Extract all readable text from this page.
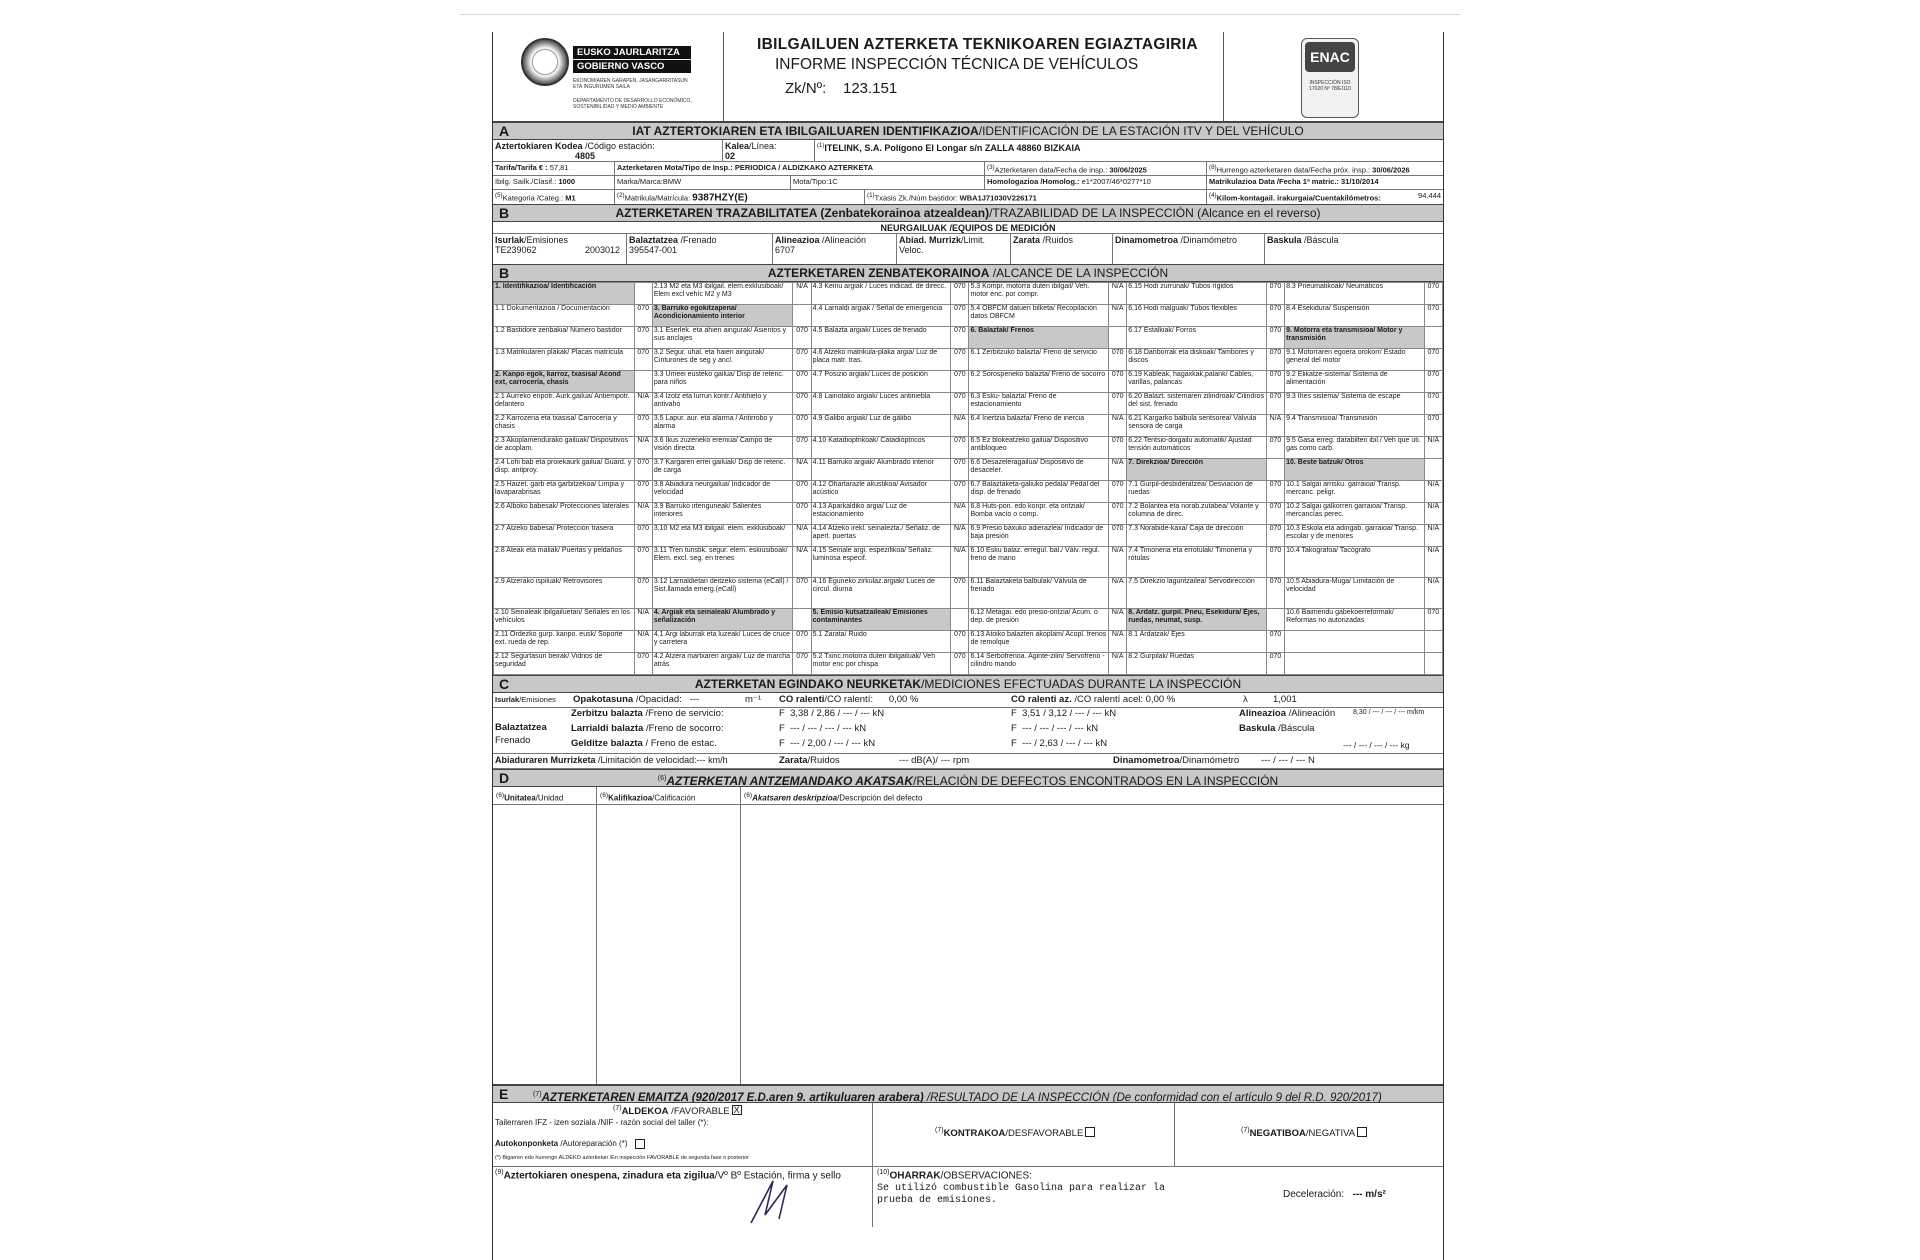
EUSKO JAURLARITZA
GOBIERNO VASCO
EKONOMIAREN GARAPEN, JASANGARRITASUN ETA INGURUMEN SAILA
DEPARTAMENTO DE DESARROLLO ECONÓMICO, SOSTENIBILIDAD Y MEDIO AMBIENTE
IBILGAILUEN AZTERKETA TEKNIKOAREN EGIAZTAGIRIA
INFORME INSPECCIÓN TÉCNICA DE VEHÍCULOS
Zk/Nº: 123.151
ENAC
INSPECCIÓN ISO 17020 Nº 78/EI110
A	IAT AZTERTOKIAREN ETA IBILGAILUAREN IDENTIFIKAZIOA/IDENTIFICACIÓN DE LA ESTACIÓN ITV Y DEL VEHÍCULO
Aztertokiaren Kodea /Código estación:
4805
Kalea/Línea:
02
$^{(1)}$ITELINK, S.A. Polígono El Longar s/n ZALLA 48860 BIZKAIA
Tarifa/Tarifa € : 57,81	Azterketaren Mota/Tipo de Insp.: PERIODICA / ALDIZKAKO AZTERKETA	$^{(3)}$Azterketaren data/Fecha de insp.: 30/06/2025	$^{(8)}$Hurrengo azterketaren data/Fecha próx. insp.: 30/06/2026
Ibilg. Sailk./Clasif.: 1000	Marka/Marca:BMW	Mota/Tipo:1C	Homologazioa /Homolog.: e1*2007/46*0277*10	Matrikulazioa Data /Fecha 1ª matric.: 31/10/2014
$^{(5)}$Kategoria /Categ.: M1	$^{(2)}$Matrikula/Matrícula: 9387HZY(E)	$^{(1)}$Txasis Zk./Núm bastidor: WBA1J71030V226171	$^{(4)}$Kilom-kontagail. irakurgaia/Cuentakilómetros:	94.444
B	AZTERKETAREN TRAZABILITATEA (Zenbatekorainoa atzealdean)/TRAZABILIDAD DE LA INSPECCIÓN (Alcance en el reverso)
NEURGAILUAK /EQUIPOS DE MEDICIÓN
Isurlak/Emisiones
TE239062	2003012
Balaztatzea /Frenado
395547-001
Alineazioa /Alineación
6707
Abiad. Murrizk/Limit. Veloc.

Zarata /Ruidos	Dinamometroa /Dinamómetro	Baskula /Báscula

B	AZTERKETAREN ZENBATEKORAINOA /ALCANCE DE LA INSPECCIÓN
1. Identifikazioa/ Identificación		2.13 M2 eta M3 ibilgail. elem.exklusiboak/ Elem excl vehíc M2 y M3	N/A	4.3 Keinu argiak / Luces indicad. de direcc.	070	5.3 Kompr. motorra duten ibilgail/ Veh. motor enc. por compr.	N/A	6.15 Hodi zurrunak/ Tubos rígidos	070	8.3 Pneumatikoak/ Neumáticos	070
1.1 Dokumentazioa / Documentación	070	3. Barruko egokitzapena/ Acondicionamiento interior		4.4 Larrialdi argiak / Señal de emergencia	070	5.4 OBFCM datuen bilketa/ Recopilación datos OBFCM	N/A	6.16 Hodi malguak/ Tubos flexibles	070	8.4 Esekidura/ Suspensión	070
1.2 Bastidore zenbakia/ Número bastidor	070	3.1 Eserlek. eta ahien aingurak/ Asientos y sus anclajes	070	4.5 Balazta argiak/ Luces de frenado	070	6. Balaztak/ Frenos		6.17 Estalkiak/ Forros	070	9. Motorra eta transmisioa/ Motor y transmisión	
1.3 Matrikularen plakak/ Placas matrícula	070	3.2 Segur. uhal. eta haien aingurak/ Cinturones de seg y ancl.	070	4.6 Atzeko matrikula-plaka argia/ Luz de placa matr. tras.	070	6.1 Zerbitzuko balazta/ Freno de servicio	070	6.18 Danborrak eta diskoak/ Tambores y discos	070	9.1 Motorraren egoera orokorr/ Estado general del motor	070
2. Kanpo egok, karroz, txasisa/ Acond ext, carrocería, chasis		3.3 Umeei eusteko gailua/ Disp de retenc. para niños	070	4.7 Posizio argiak/ Luces de posición	070	6.2 Sorospeneko balazta/ Freno de socorro	070	6.19 Kableak, hagaxkak,palank/ Cables, varillas, palancas	070	9.2 Elikatze-sistema/ Sistema de alimentación	070
2.1 Aurreko enpotr. Aurk.gailua/ Antiempotr. delantero	N/A	3.4 Izotz eta lurrun kontr./ Antihielo y antivaho	070	4.8 Lainotako argiak/ Luces antiniebla	070	6.3 Esku- balazta/ Freno de estacionamiento	070	6.20 Balazt. sistemaren zilindroak/ Cilindros del sist. frenado	070	9.3 Ihes sistema/ Sistema de escape	070
2.2 Karrozeria eta txasisa/ Carrocería y chasis	070	3.5 Lapur. aur. eta alarma / Antirrobo y alarma	070	4.9 Galibo argiak/ Luz de gálibo	N/A	6.4 Inertzia balazta/ Freno de inercia	N/A	6.21 Kargarko balbula sentsorea/ Válvula sensora de carga	N/A	9.4 Transmisioa/ Transmisión	070
2.3 Akoplamendurako gailuak/ Dispositivos de acoplam.	N/A	3.6 Ikus zuzeneko eremua/ Campo de visión directa	070	4.10 Katadioptrikoak/ Catadióptricos	070	6.5 Ez blokeatzeko gailua/ Dispositivo antibloqueo	070	6.22 Tentsio-doigailu automatik/ Ajustad tensión automáticos	070	9.5 Gasa erreg. darabilten ibil./ Veh que uti. gas como carb.	N/A
2.4 Lohi bab eta proiekaurk gailua/ Guard. y disp. antiproy.	070	3.7 Kargaren errei gailuak/ Disp de retenc. de carga	N/A	4.11 Barruko argiak/ Alumbrado interior	070	6.6 Desazeleragailua/ Dispositivo de desaceler.	N/A	7. Direkzioa/ Dirección		10. Beste batzuk/ Otros	
2.5 Haizet. garb eta garbitzekoa/ Limpia y lavaparabrisas	070	3.8 Abiadura neurgailua/ Indicador de velocidad	070	4.12 Ohartarazle akustikoa/ Avisador acústico	070	6.7 Balaztaketa-galiuko pedala/ Pedal del disp. de frenado	070	7.1 Gurpil-desbideratzea/ Desviación de ruedas	070	10.1 Salgai arrisku. garraioa/ Transp. mercanc. peligr.	N/A
2.6 Albokо babesak/ Protecciones laterales	N/A	3.9 Barruko irtenguneak/ Salientes interiores	070	4.13 Aparkaldiko argia/ Luz de estacionamiento	N/A	6.8 Huts-pon. edo konpr. eta ontziak/ Bomba vacío o comp.	070	7.2 Bolantea eta norab.zutabea/ Volante y columna de direc.	070	10.2 Salgai galkorren garraioa/ Transp. mercancías perec.	N/A
2.7 Atzeko babesa/ Protección trasera	070	3.10 M2 eta M3 ibilgail. elem. exklusiboak/	N/A	4.14 Atzeko irekl. seinaleztа./ Señaliz. de apert. puertas	N/A	6.9 Presio baxuko adierazlea/ Indicador de baja presión	070	7.3 Norabide-kaxa/ Caja de dirección	070	10.3 Eskola eta adingab. garraioa/ Transp. escolar y de menores	N/A
2.8 Ateak eta maliak/ Puertas y peldaños	070	3.11 Tren turistik. segur. elem. eskiusiboak/ Elem. excl. seg. en trenes	N/A	4.15 Seinale argi. espezifikoa/ Señaliz. luminosa especif.	N/A	6.10 Esku balaz. erregul. bal./ Válv. regul. freno de mano	N/A	7.4 Timoneria eta errotulak/ Timonería y rótulas	070	10.4 Takografoa/ Tacógrafo	N/A
2.9 Atzerako ispiluak/ Retrovisores	070	3.12 Larrialdietan deitzeko sistema (eCall) / Sist.llamada emerg.(eCall)	070	4.16 Eguneko zirkulaz.argiak/ Luces de circul. diurna	070	6.11 Balaztaketa balbulak/ Válvula de frenado	N/A	7.5 Direkzio laguntzailea/ Servodirección	070	10.5 Abiadura-Muga/ Limitación de velocidad	N/A
2.10 Seinaleak ibilgailuetan/ Señales en los vehículos	N/A	4. Argiak eta seinaleak/ Alumbrado y señalización		5. Emisio kutsatzaileak/ Emisiones contaminantes		6.12 Metagai. edo presio-ontzia/ Acum. o dep. de presión	N/A	8. Ardatz. gurpil. Pneu, Esekidura/ Ejes, ruedas, neumat, susp.		10.6 Baimendu gabekoerreformak/ Reformas no autorizadas	070
2.11 Ordezko gurp. kanpo. eusk/ Soporte ext. rueda de rep.	N/A	4.1 Argi laburrak eta luzeak/ Luces de cruce y carretera	070	5.1 Zarata/ Ruido	070	6.13 Atoiko balazten akoplam/ Acopl. frenos de remolque	N/A	8.1 Ardatzak/ Ejes	070		
2.12 Segurtasun beirak/ Vidrios de seguridad	070	4.2 Atzera martxaren argiak/ Luz de marcha atrás	070	5.2 Txinc.motorra duten ibilgailuak/ Veh motor enc por chispa	070	6.14 Serbofrenoa. Aginte-zilin/ Servofreno - cilindro mando	N/A	8.2 Gurpilak/ Ruedas	070		
C	AZTERKETAN EGINDAKO NEURKETAK/MEDICIONES EFECTUADAS DURANTE LA INSPECCIÓN
Isurlak/Emisiones Opakotasuna /Opacidad: ---	m⁻¹ CO ralenti/CO ralentí: 0,00 %	CO ralenti az. /CO ralentí acel: 0,00 %	λ	1,001
Balaztatzea
Frenado
Zerbitzu balazta /Freno de servicio:	F 3,38 / 2,86 / --- / --- kN	F 3,51 / 3,12 / --- / --- kN
Larrialdi balazta /Freno de socorro:	F --- / --- / --- / --- kN	F --- / --- / --- / --- kN
Gelditze balazta / Freno de estac.	F --- / 2,00 / --- / --- kN	F --- / 2,63 / --- / --- kN
Alineazioa /Alineación	8,30 / --- / --- / --- m/km
Baskula /Báscula
--- / --- / --- / --- kg
Abiaduraren Murrizketa /Limitación de velocidad:--- km/h	Zarata/Ruidos	--- dB(A)/ --- rpm	Dinamometroa/Dinamómetro --- / --- / --- N
D	$^{(6)}$AZTERKETAN ANTZEMANDAKO AKATSAK/RELACIÓN DE DEFECTOS ENCONTRADOS EN LA INSPECCIÓN
$^{(6)}$Unitatea/Unidad	$^{(6)}$Kalifikazioa/Calificación	$^{(6)}$Akatsaren deskripzioa/Descripción del defecto
E	$^{(7)}$AZTERKETAREN EMAITZA (920/2017 E.D.aren 9. artikuluaren arabera) /RESULTADO DE LA INSPECCIÓN (De conformidad con el artículo 9 del R.D. 920/2017)
$^{(7)}$ALDEKOA /FAVORABLE X
Tailerraren IFZ - izen soziala /NIF - razón social del taller (*):
Autokonponketa /Autoreparación (*)
(*) Bigarren edo hurrengo ALDEKO azterketan /En inspección FAVORABLE de segunda fase o posterior
$^{(7)}$KONTRAKOA/DESFAVORABLE	$^{(7)}$NEGATIBOA/NEGATIVA
$^{(9)}$Aztertokiaren onespena, zinadura eta zigilua/Vº Bº Estación, firma y sello	$^{(10)}$OHARRAK/OBSERVACIONES:
Se utilizó combustible Gasolina para realizar la
prueba de emisiones.
Deceleración: --- m/s²
